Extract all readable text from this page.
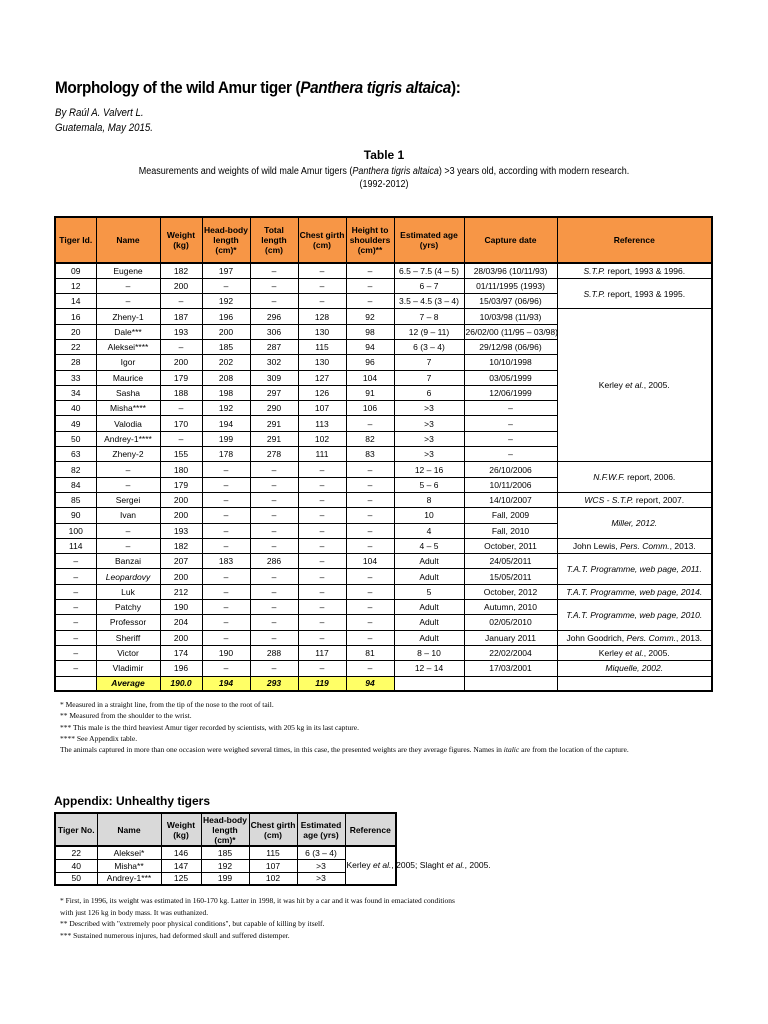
Morphology of the wild Amur tiger (Panthera tigris altaica):
By Raúl A. Valvert L.
Guatemala, May 2015.
Table 1
Measurements and weights of wild male Amur tigers (Panthera tigris altaica) >3 years old, according with modern research.
(1992-2012)
Tiger Id.	Name	Weight (kg)	Head-body length (cm)*	Total length (cm)	Chest girth (cm)	Height to shoulders (cm)**	Estimated age (yrs)	Capture date	Reference
09	Eugene	182	197	–	–	–	6.5 – 7.5 (4 – 5)	28/03/96 (10/11/93)	S.T.P. report, 1993 & 1996.
12	–	200	–	–	–	–	6 – 7	01/11/1995 (1993)	S.T.P. report, 1993 & 1995.
14	–	–	192	–	–	–	3.5 – 4.5 (3 – 4)	15/03/97 (06/96)	
16	Zheny-1	187	196	296	128	92	7 – 8	10/03/98 (11/93)	Kerley et al., 2005.
20	Dale***	193	200	306	130	98	12 (9 – 11)	26/02/00 (11/95 – 03/98)	
22	Aleksei****	–	185	287	115	94	6 (3 – 4)	29/12/98 (06/96)	
28	Igor	200	202	302	130	96	7	10/10/1998	
33	Maurice	179	208	309	127	104	7	03/05/1999	
34	Sasha	188	198	297	126	91	6	12/06/1999	
40	Misha****	–	192	290	107	106	>3	–	
49	Valodia	170	194	291	113	–	>3	–	
50	Andrey-1****	–	199	291	102	82	>3	–	
63	Zheny-2	155	178	278	111	83	>3	–	
82	–	180	–	–	–	–	12 – 16	26/10/2006	N.F.W.F. report, 2006.
84	–	179	–	–	–	–	5 – 6	10/11/2006	
85	Sergei	200	–	–	–	–	8	14/10/2007	WCS - S.T.P. report, 2007.
90	Ivan	200	–	–	–	–	10	Fall, 2009	Miller, 2012.
100	–	193	–	–	–	–	4	Fall, 2010	
114	–	182	–	–	–	–	4 – 5	October, 2011	John Lewis, Pers. Comm., 2013.
–	Banzai	207	183	286	–	104	Adult	24/05/2011	T.A.T. Programme, web page, 2011.
–	Leopardovy	200	–	–	–	–	Adult	15/05/2011	
–	Luk	212	–	–	–	–	5	October, 2012	T.A.T. Programme, web page, 2014.
–	Patchy	190	–	–	–	–	Adult	Autumn, 2010	T.A.T. Programme, web page, 2010.
–	Professor	204	–	–	–	–	Adult	02/05/2010	
–	Sheriff	200	–	–	–	–	Adult	January 2011	John Goodrich, Pers. Comm., 2013.
–	Victor	174	190	288	117	81	8 – 10	22/02/2004	Kerley et al., 2005.
–	Vladimir	196	–	–	–	–	12 – 14	17/03/2001	Miquelle, 2002.
	Average	190.0	194	293	119	94			
* Measured in a straight line, from the tip of the nose to the root of tail.
** Measured from the shoulder to the wrist.
*** This male is the third heaviest Amur tiger recorded by scientists, with 205 kg in its last capture.
**** See Appendix table.
The animals captured in more than one occasion were weighed several times, in this case, the presented weights are they average figures. Names in italic are from the location of the capture.
Appendix: Unhealthy tigers
Tiger No.	Name	Weight (kg)	Head-body length (cm)*	Chest girth (cm)	Estimated age (yrs)	Reference
22	Aleksei*	146	185	115	6 (3 – 4)	Kerley et al., 2005; Slaght et al., 2005.
40	Misha**	147	192	107	>3	
50	Andrey-1***	125	199	102	>3	
* First, in 1996, its weight was estimated in 160-170 kg. Latter in 1998, it was hit by a car and it was found in emaciated conditions
with just 126 kg in body mass. It was euthanized.
** Described with "extremely poor physical conditions", but capable of killing by itself.
*** Sustained numerous injures, had deformed skull and suffered distemper.
